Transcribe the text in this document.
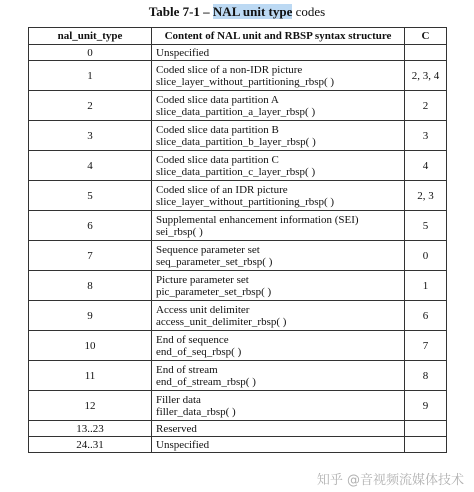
Table 7-1 – NAL unit type codes
nal_unit_type	Content of NAL unit and RBSP syntax structure	C
0	Unspecified	

1	Coded slice of a non-IDR picture
slice_layer_without_partitioning_rbsp( )	2, 3, 4
2	Coded slice data partition A
slice_data_partition_a_layer_rbsp( )	2
3	Coded slice data partition B
slice_data_partition_b_layer_rbsp( )	3
4	Coded slice data partition C
slice_data_partition_c_layer_rbsp( )	4
5	Coded slice of an IDR picture
slice_layer_without_partitioning_rbsp( )	2, 3
6	Supplemental enhancement information (SEI)
sei_rbsp( )	5
7	Sequence parameter set
seq_parameter_set_rbsp( )	0
8	Picture parameter set
pic_parameter_set_rbsp( )	1
9	Access unit delimiter
access_unit_delimiter_rbsp( )	6
10	End of sequence
end_of_seq_rbsp( )	7
11	End of stream
end_of_stream_rbsp( )	8
12	Filler data
filler_data_rbsp( )	9
13..23	Reserved	

24..31	Unspecified	

知乎 @音视频流媒体技术
